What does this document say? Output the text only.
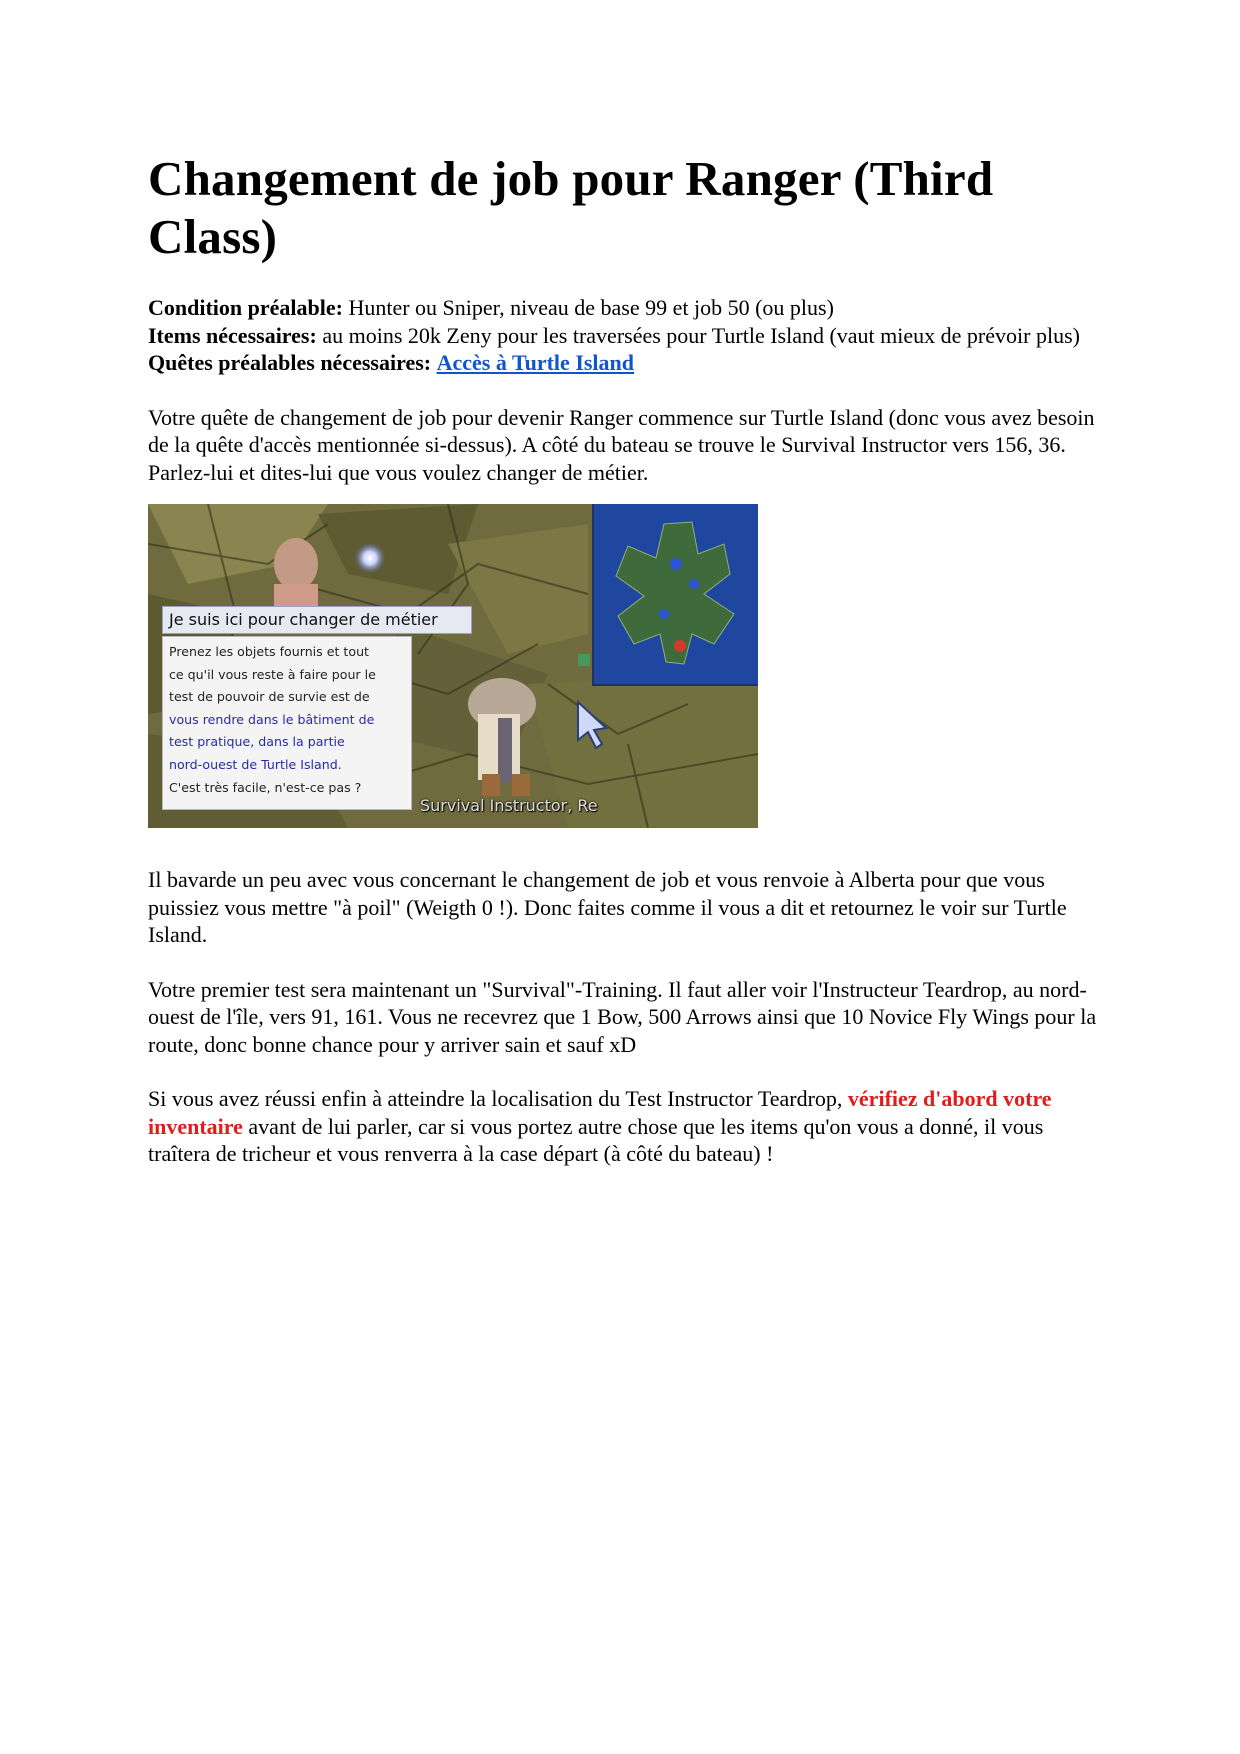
Changement de job pour Ranger (Third Class)

Condition préalable: Hunter ou Sniper, niveau de base 99 et job 50 (ou plus)

Items nécessaires: au moins 20k Zeny pour les traversées pour Turtle Island (vaut mieux de prévoir plus)

Quêtes préalables nécessaires: Accès à Turtle Island

Votre quête de changement de job pour devenir Ranger commence sur Turtle Island (donc vous avez besoin de la quête d'accès mentionnée si-dessus). A côté du bateau se trouve le Survival Instructor vers 156, 36. Parlez-lui et dites-lui que vous voulez changer de métier.

Je suis ici pour changer de métier
Prenez les objets fournis et tout
ce qu'il vous reste à faire pour le
test de pouvoir de survie est de
vous rendre dans le bâtiment de
test pratique, dans la partie
nord-ouest de Turtle Island.
C'est très facile, n'est-ce pas ?
Survival Instructor, Re

Il bavarde un peu avec vous concernant le changement de job et vous renvoie à Alberta pour que vous puissiez vous mettre "à poil" (Weigth 0 !). Donc faites comme il vous a dit et retournez le voir sur Turtle Island.

Votre premier test sera maintenant un "Survival"-Training. Il faut aller voir l'Instructeur Teardrop, au nord-ouest de l'île, vers 91, 161. Vous ne recevrez que 1 Bow, 500 Arrows ainsi que 10 Novice Fly Wings pour la route, donc bonne chance pour y arriver sain et sauf xD

Si vous avez réussi enfin à atteindre la localisation du Test Instructor Teardrop, vérifiez d'abord votre inventaire avant de lui parler, car si vous portez autre chose que les items qu'on vous a donné, il vous traîtera de tricheur et vous renverra à la case départ (à côté du bateau) !
